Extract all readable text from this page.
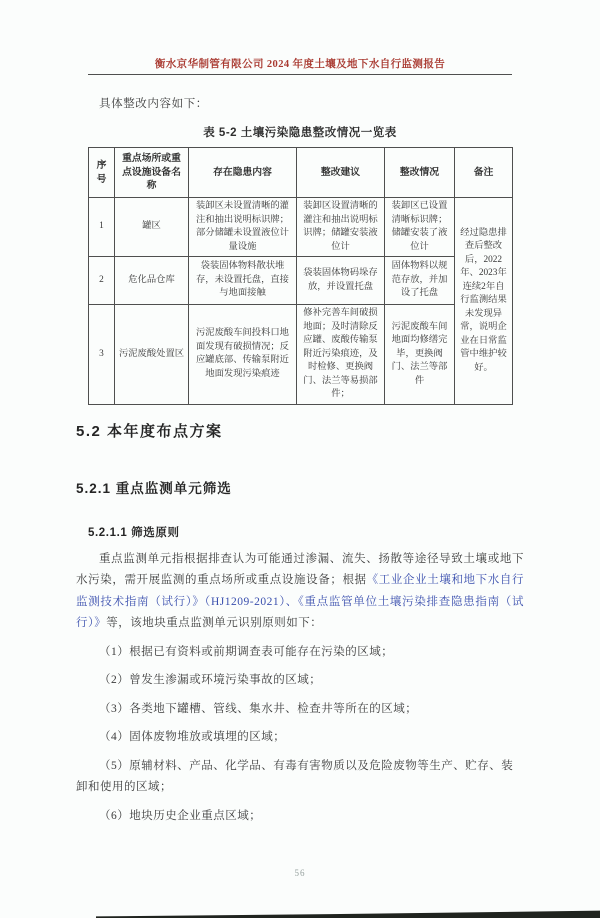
衡水京华制管有限公司 2024 年度土壤及地下水自行监测报告

具体整改内容如下：

表 5-2 土壤污染隐患整改情况一览表
序号	重点场所或重点设施设备名称	存在隐患内容	整改建议	整改情况	备注
1	罐区	装卸区未设置清晰的灌注和抽出说明标识牌；部分储罐未设置液位计量设施	装卸区设置清晰的灌注和抽出说明标识牌；储罐安装液位计	装卸区已设置清晰标识牌；储罐安装了液位计	经过隐患排查后整改后，2022年、2023年连续2年自行监测结果未发现异常，说明企业在日常监管中维护较好。
2	危化品仓库	袋装固体物料散状堆存，未设置托盘，直接与地面接触	袋装固体物码垛存放，并设置托盘	固体物料以规范存放，并加设了托盘	
3	污泥废酸处置区	污泥废酸车间投料口地面发现有破损情况；反应罐底部、传输泵附近地面发现污染痕迹	修补完善车间破损地面；及时清除反应罐、废酸传输泵附近污染痕迹，及时检修、更换阀门、法兰等易损部件；	污泥废酸车间地面均修缮完毕，更换阀门、法兰等部件	
5.2 本年度布点方案
5.2.1 重点监测单元筛选
5.2.1.1 筛选原则

重点监测单元指根据排查认为可能通过渗漏、流失、扬散等途径导致土壤或地下水污染，需开展监测的重点场所或重点设施设备；根据《工业企业土壤和地下水自行监测技术指南（试行）》（HJ1209-2021）、《重点监管单位土壤污染排查隐患指南（试行）》等，该地块重点监测单元识别原则如下：

（1）根据已有资料或前期调查表可能存在污染的区域；

（2）曾发生渗漏或环境污染事故的区域；

（3）各类地下罐槽、管线、集水井、检查井等所在的区域；

（4）固体废物堆放或填埋的区域；

（5）原辅材料、产品、化学品、有毒有害物质以及危险废物等生产、贮存、装卸和使用的区域；

（6）地块历史企业重点区域；

56
